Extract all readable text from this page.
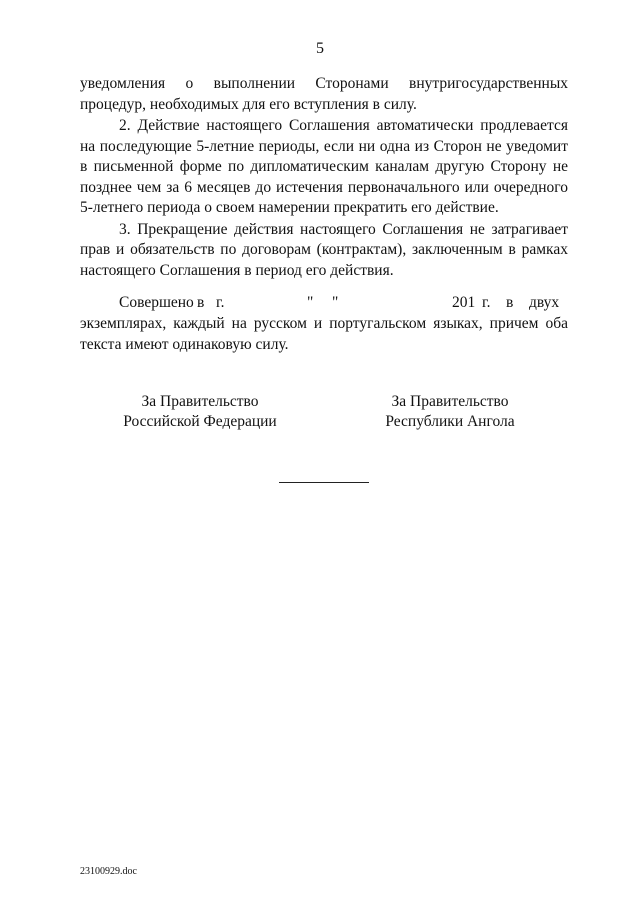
5

уведомления о выполнении Сторонами внутригосударственных процедур, необходимых для его вступления в силу.

2. Действие настоящего Соглашения автоматически продлевается на последующие 5-летние периоды, если ни одна из Сторон не уведомит в письменной форме по дипломатическим каналам другую Сторону не позднее чем за 6 месяцев до истечения первоначального или очередного 5-летнего периода о своем намерении прекратить его действие.

3. Прекращение действия настоящего Соглашения не затрагивает прав и обязательств по договорам (контрактам), заключенным в рамках настоящего Соглашения в период его действия.

Совершено в г.	" "	201 г. в двух
экземплярах, каждый на русском и португальском языках, причем оба текста имеют одинаковую силу.
За Правительство
Российской Федерации
За Правительство
Республики Ангола
23100929.doc
